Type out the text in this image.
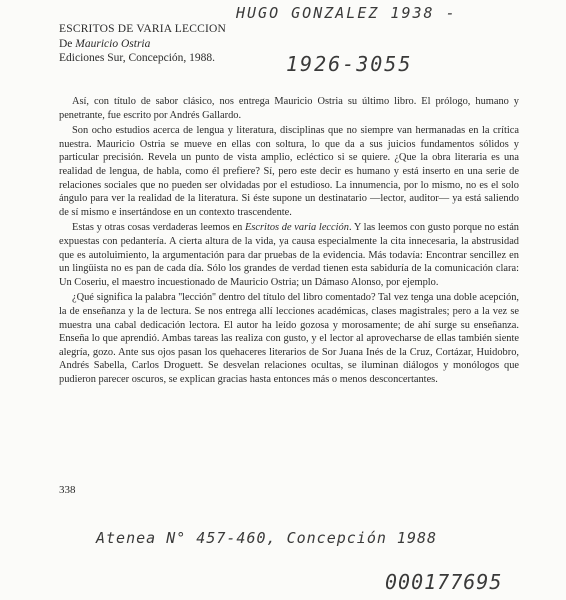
HUGO GONZALEZ 1938 -
1926-3055
ESCRITOS DE VARIA LECCION
De Mauricio Ostria
Ediciones Sur, Concepción, 1988.

Así, con título de sabor clásico, nos entrega Mauricio Ostria su último libro. El prólogo, humano y penetrante, fue escrito por Andrés Gallardo.

Son ocho estudios acerca de lengua y literatura, disciplinas que no siempre van hermanadas en la crítica nuestra. Mauricio Ostria se mueve en ellas con soltura, lo que da a sus juicios fundamentos sólidos y particular precisión. Revela un punto de vista amplio, ecléctico si se quiere. ¿Que la obra literaria es una realidad de lengua, de habla, como él prefiere? Sí, pero este decir es humano y está inserto en una serie de relaciones sociales que no pueden ser olvidadas por el estudioso. La innumencia, por lo mismo, no es el solo ángulo para ver la realidad de la literatura. Si éste supone un destinatario —lector, auditor— ya está saliendo de sí mismo e insertándose en un contexto trascendente.

Estas y otras cosas verdaderas leemos en Escritos de varia lección. Y las leemos con gusto porque no están expuestas con pedantería. A cierta altura de la vida, ya causa especialmente la cita innecesaria, la abstrusidad que es autoluimiento, la argumentación para dar pruebas de la evidencia. Más todavía: Encontrar sencillez en un lingüista no es pan de cada día. Sólo los grandes de verdad tienen esta sabiduría de la comunicación clara: Un Coseriu, el maestro incuestionado de Mauricio Ostria; un Dámaso Alonso, por ejemplo.

¿Qué significa la palabra ''lección'' dentro del título del libro comentado? Tal vez tenga una doble acepción, la de enseñanza y la de lectura. Se nos entrega allí lecciones académicas, clases magistrales; pero a la vez se muestra una cabal dedicación lectora. El autor ha leído gozosa y morosamente; de ahí surge su enseñanza. Enseña lo que aprendió. Ambas tareas las realiza con gusto, y el lector al aprovecharse de ellas también siente alegría, gozo. Ante sus ojos pasan los quehaceres literarios de Sor Juana Inés de la Cruz, Cortázar, Huidobro, Andrés Sabella, Carlos Droguett. Se desvelan relaciones ocultas, se iluminan diálogos y monólogos que pudieron parecer oscuros, se explican gracias hasta entonces más o menos desconcertantes.

338
Atenea N° 457-460, Concepción 1988
000177695
